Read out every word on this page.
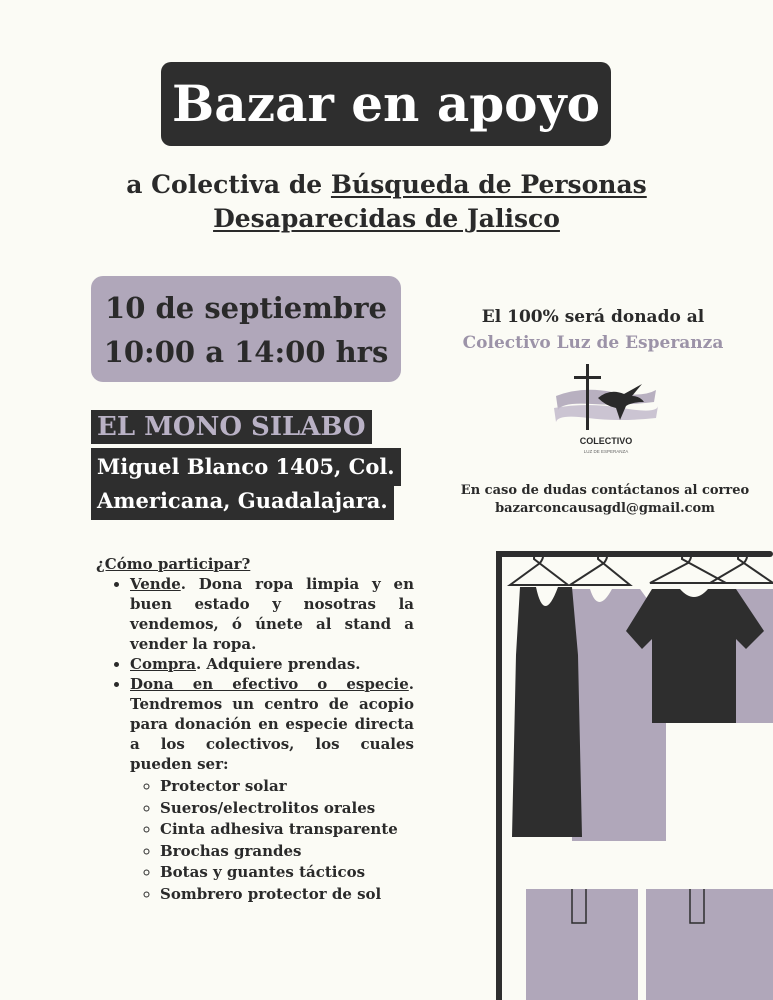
Bazar en apoyo
a Colectiva de Búsqueda de Personas
Desaparecidas de Jalisco
10 de septiembre
10:00 a 14:00 hrs
EL MONO SILABO
Miguel Blanco 1405, Col.
Americana, Guadalajara.
El 100% será donado al
Colectivo Luz de Esperanza
COLECTIVO
LUZ DE ESPERANZA
En caso de dudas contáctanos al correo
bazarconcausagdl@gmail.com
¿Cómo participar?
• Vende. Dona ropa limpia y en buen estado y nosotras la vendemos, ó únete al stand a vender la ropa.
• Compra. Adquiere prendas.
• Dona en efectivo o especie. Tendremos un centro de acopio para donación en especie directa a los colectivos, los cuales pueden ser:
◦ Protector solar
◦ Sueros/electrolitos orales
◦ Cinta adhesiva transparente
◦ Brochas grandes
◦ Botas y guantes tácticos
◦ Sombrero protector de sol
